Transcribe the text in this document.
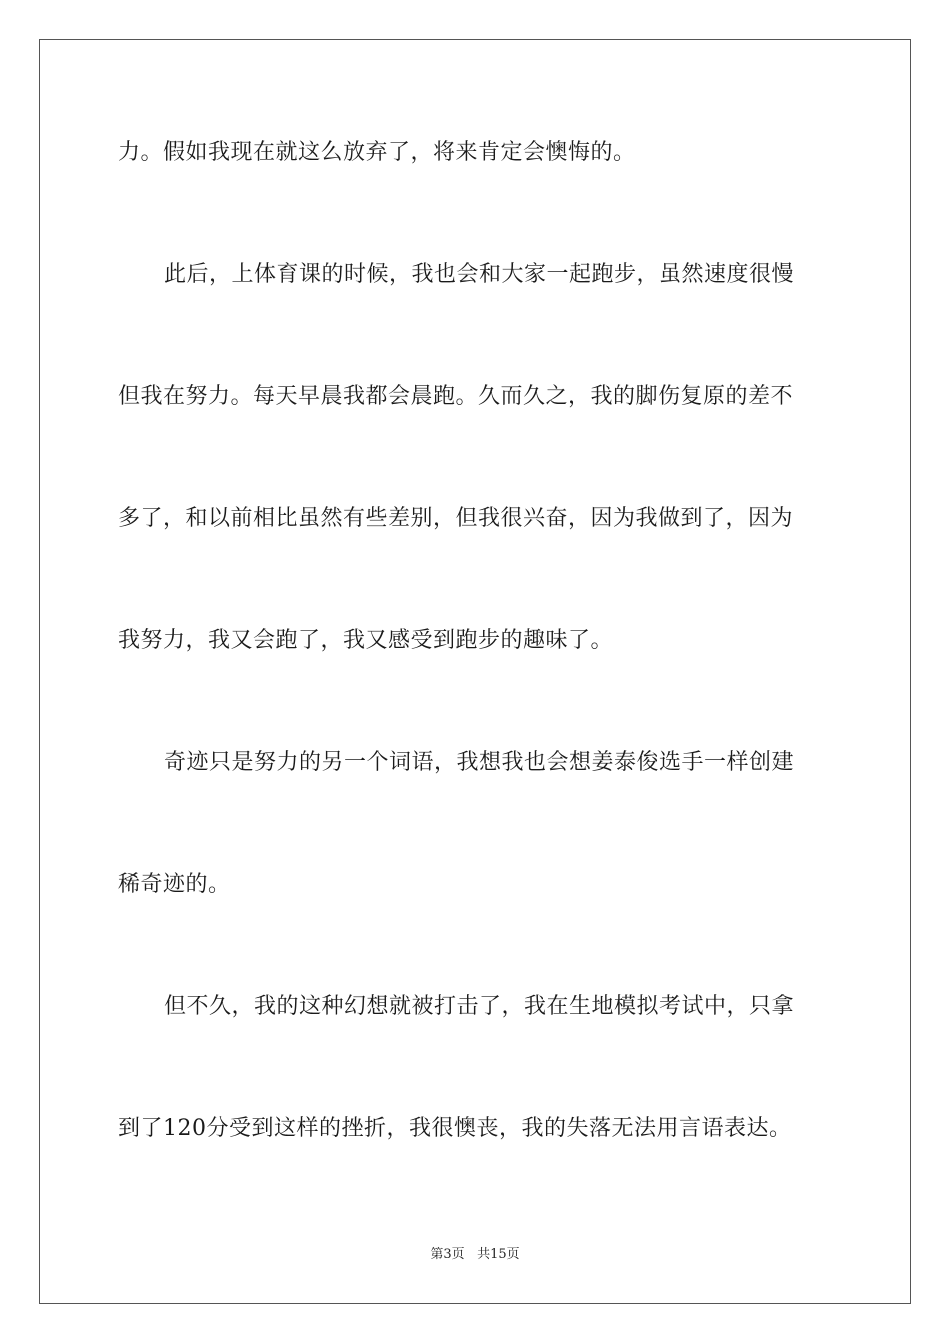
力。假如我现在就这么放弃了，将来肯定会懊悔的。
此后，上体育课的时候，我也会和大家一起跑步，虽然速度很慢
但我在努力。每天早晨我都会晨跑。久而久之，我的脚伤复原的差不
多了，和以前相比虽然有些差别，但我很兴奋，因为我做到了，因为
我努力，我又会跑了，我又感受到跑步的趣味了。
奇迹只是努力的另一个词语，我想我也会想姜泰俊选手一样创建
稀奇迹的。
但不久，我的这种幻想就被打击了，我在生地模拟考试中，只拿
到了120分受到这样的挫折，我很懊丧，我的失落无法用言语表达。
第3页 共15页
